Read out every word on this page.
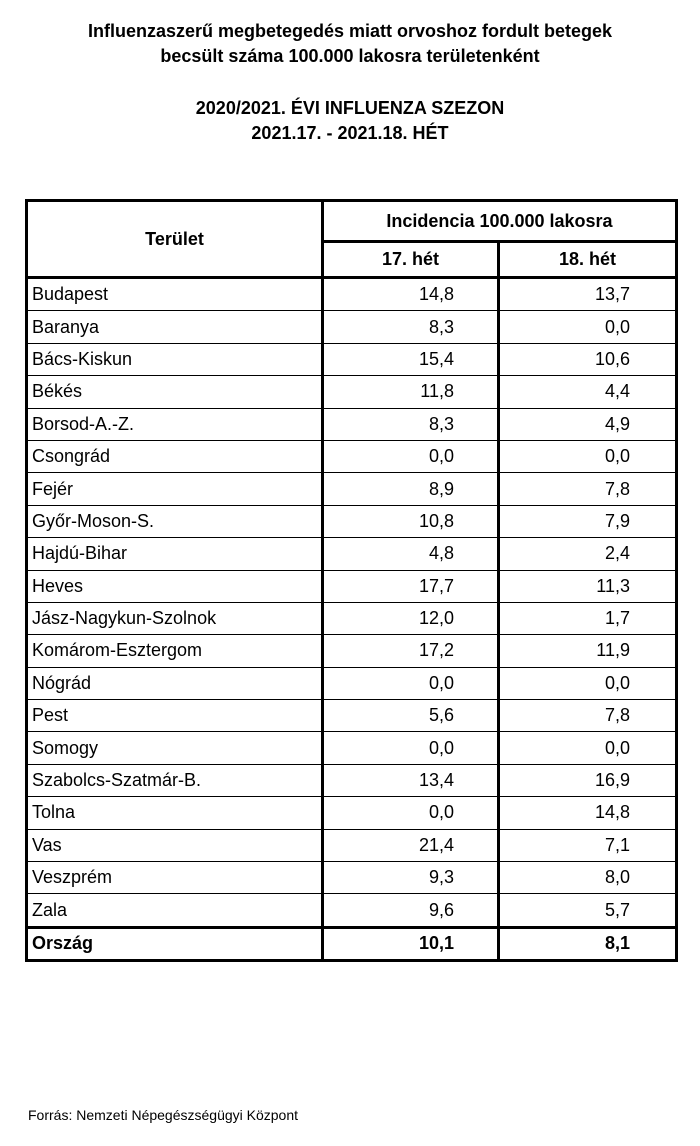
Influenzaszerű megbetegedés miatt orvoshoz fordult betegek
becsült száma 100.000 lakosra területenként
2020/2021. ÉVI INFLUENZA SZEZON
2021.17. - 2021.18. HÉT
Terület	Incidencia 100.000 lakosra	
	17. hét	18. hét
Budapest	14,8	13,7
Baranya	8,3	0,0
Bács-Kiskun	15,4	10,6
Békés	11,8	4,4
Borsod-A.-Z.	8,3	4,9
Csongrád	0,0	0,0
Fejér	8,9	7,8
Győr-Moson-S.	10,8	7,9
Hajdú-Bihar	4,8	2,4
Heves	17,7	11,3
Jász-Nagykun-Szolnok	12,0	1,7
Komárom-Esztergom	17,2	11,9
Nógrád	0,0	0,0
Pest	5,6	7,8
Somogy	0,0	0,0
Szabolcs-Szatmár-B.	13,4	16,9
Tolna	0,0	14,8
Vas	21,4	7,1
Veszprém	9,3	8,0
Zala	9,6	5,7
Ország	10,1	8,1
Forrás: Nemzeti Népegészségügyi Központ
